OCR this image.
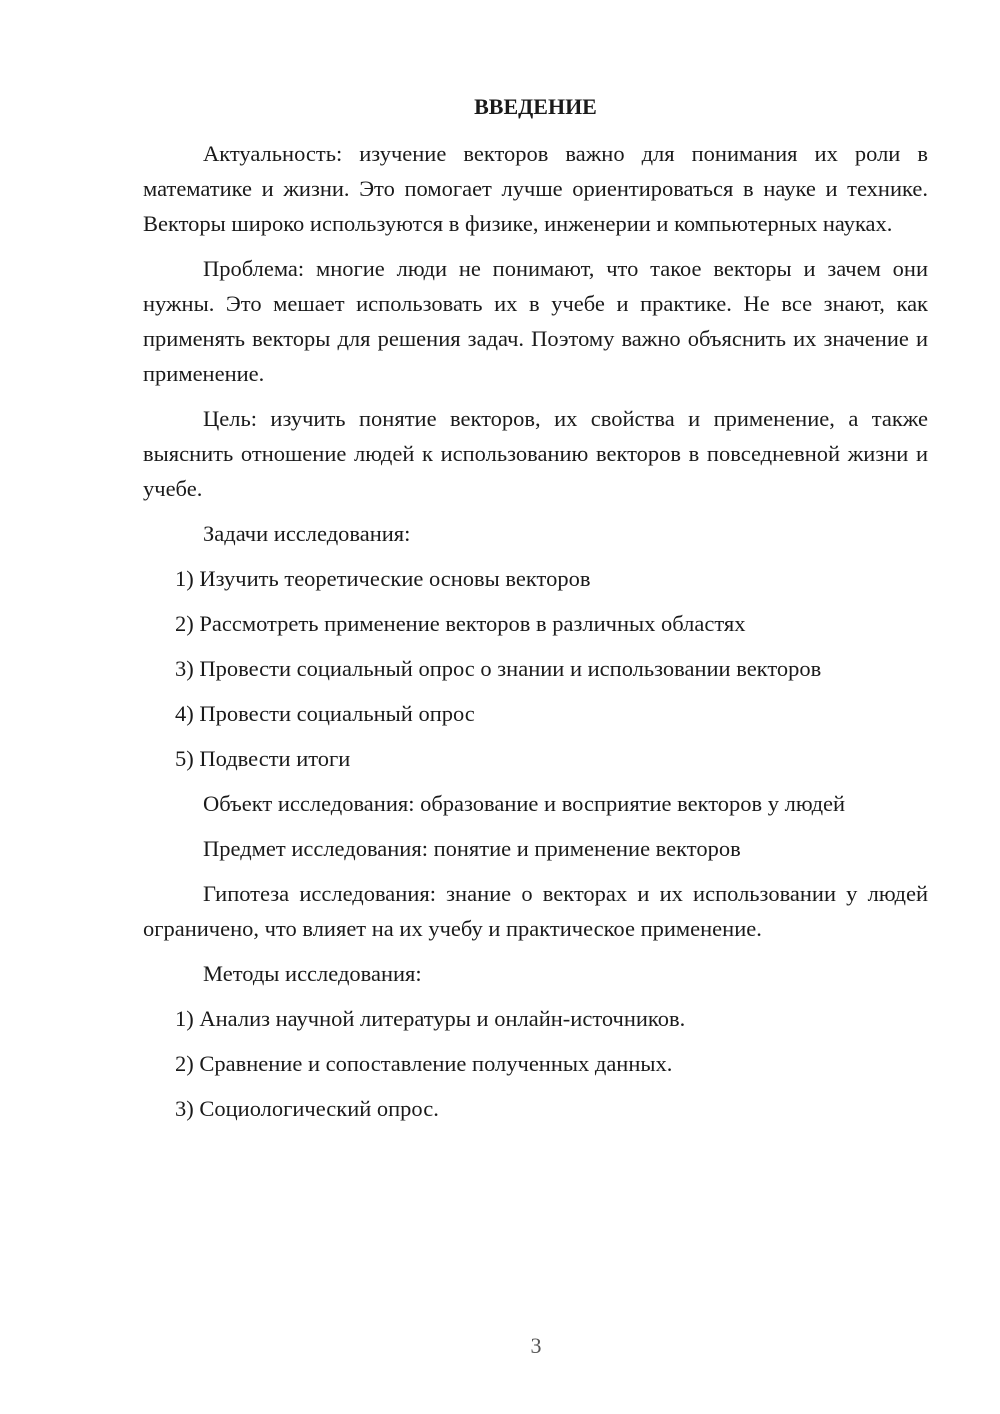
ВВЕДЕНИЕ

Актуальность: изучение векторов важно для понимания их роли в математике и жизни. Это помогает лучше ориентироваться в науке и технике. Векторы широко используются в физике, инженерии и компьютерных науках.

Проблема: многие люди не понимают, что такое векторы и зачем они нужны. Это мешает использовать их в учебе и практике. Не все знают, как применять векторы для решения задач. Поэтому важно объяснить их значение и применение.

Цель: изучить понятие векторов, их свойства и применение, а также выяснить отношение людей к использованию векторов в повседневной жизни и учебе.

Задачи исследования:
1) Изучить теоретические основы векторов
2) Рассмотреть применение векторов в различных областях
3) Провести социальный опрос о знании и использовании векторов
4) Провести социальный опрос
5) Подвести итоги
Объект исследования: образование и восприятие векторов у людей
Предмет исследования: понятие и применение векторов

Гипотеза исследования: знание о векторах и их использовании у людей ограничено, что влияет на их учебу и практическое применение.

Методы исследования:
1) Анализ научной литературы и онлайн-источников.
2) Сравнение и сопоставление полученных данных.
3) Социологический опрос.
3
